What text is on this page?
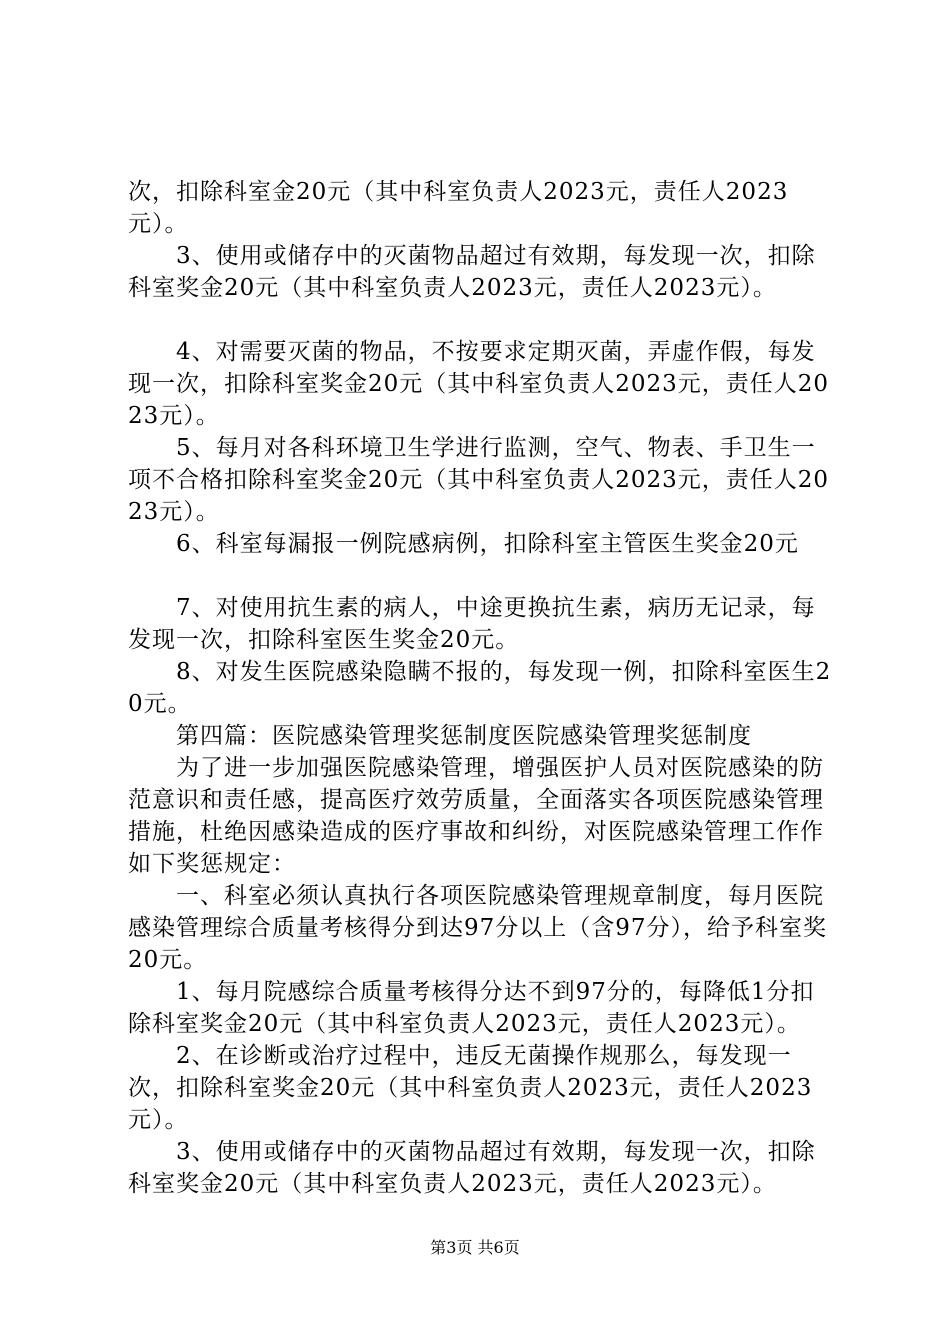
次，扣除科室金20元（其中科室负责人2023元，责任人2023元）。

3、使用或储存中的灭菌物品超过有效期，每发现一次，扣除科室奖金20元（其中科室负责人2023元，责任人2023元）。

4、对需要灭菌的物品，不按要求定期灭菌，弄虚作假，每发现一次，扣除科室奖金20元（其中科室负责人2023元，责任人2023元）。

5、每月对各科环境卫生学进行监测，空气、物表、手卫生一项不合格扣除科室奖金20元（其中科室负责人2023元，责任人2023元）。

6、科室每漏报一例院感病例，扣除科室主管医生奖金20元

7、对使用抗生素的病人，中途更换抗生素，病历无记录，每发现一次，扣除科室医生奖金20元。

8、对发生医院感染隐瞒不报的，每发现一例，扣除科室医生20元。

第四篇：医院感染管理奖惩制度医院感染管理奖惩制度

为了进一步加强医院感染管理，增强医护人员对医院感染的防范意识和责任感，提高医疗效劳质量，全面落实各项医院感染管理措施，杜绝因感染造成的医疗事故和纠纷，对医院感染管理工作作如下奖惩规定：

一、科室必须认真执行各项医院感染管理规章制度，每月医院感染管理综合质量考核得分到达97分以上（含97分），给予科室奖20元。

1、每月院感综合质量考核得分达不到97分的，每降低1分扣除科室奖金20元（其中科室负责人2023元，责任人2023元）。

2、在诊断或治疗过程中，违反无菌操作规那么，每发现一次，扣除科室奖金20元（其中科室负责人2023元，责任人2023元）。

3、使用或储存中的灭菌物品超过有效期，每发现一次，扣除科室奖金20元（其中科室负责人2023元，责任人2023元）。

第3页 共6页
